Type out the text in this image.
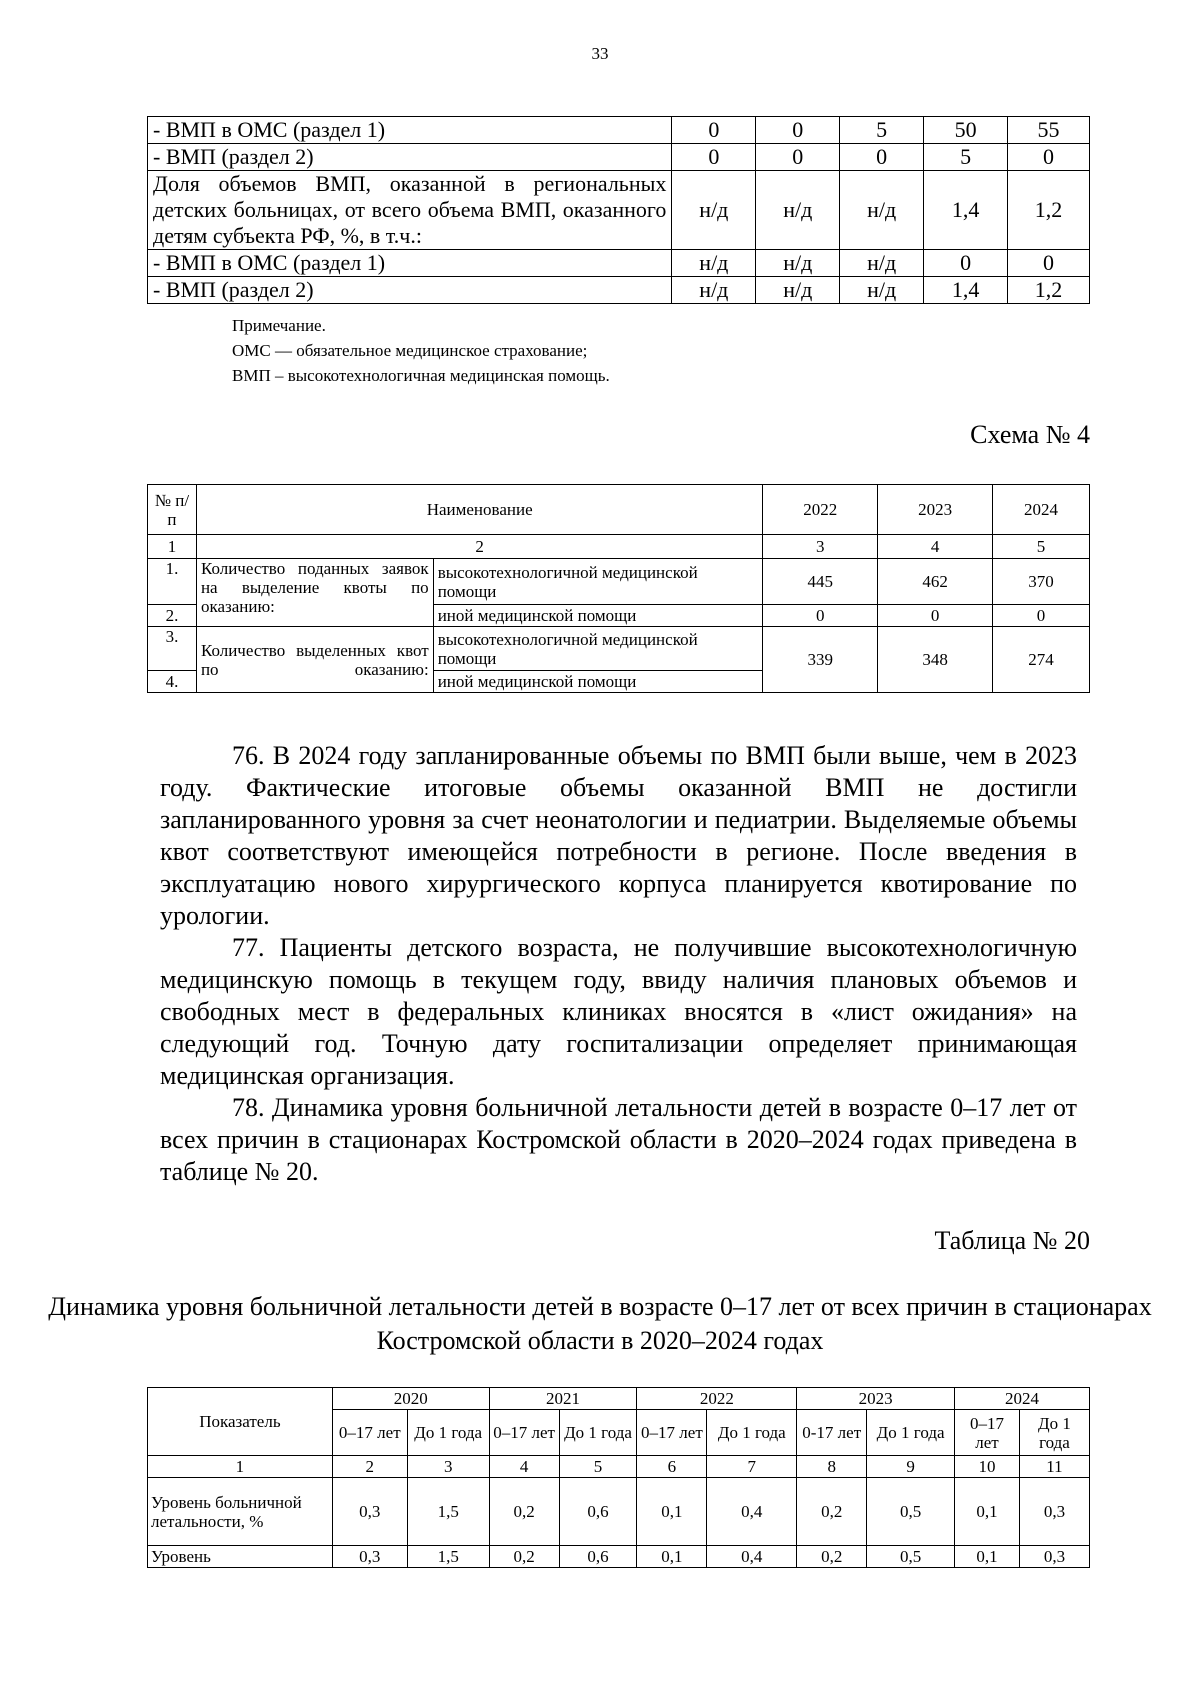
33
- ВМП в ОМС (раздел 1)	0	0	5	50	55
- ВМП (раздел 2)	0	0	0	5	0
Доля объемов ВМП, оказанной в региональных детских больницах, от всего объема ВМП, оказанного детям субъекта РФ, %, в т.ч.:	н/д	н/д	н/д	1,4	1,2
- ВМП в ОМС (раздел 1)	н/д	н/д	н/д	0	0
- ВМП (раздел 2)	н/д	н/д	н/д	1,4	1,2
Примечание.
ОМС — обязательное медицинское страхование;
ВМП – высокотехнологичная медицинская помощь.
Схема № 4
№ п/п	Наименование		2022	2023	2024
1	2		3	4	5
1.	Количество поданных заявок на выделение квоты по оказанию:	высокотехнологичной медицинской помощи	445	462	370
2.		иной медицинской помощи	0	0	0
3.	Количество выделенных квот по оказанию:	высокотехнологичной медицинской помощи	339	348	274
4.		иной медицинской помощи			
76. В 2024 году запланированные объемы по ВМП были выше, чем в 2023 году. Фактические итоговые объемы оказанной ВМП не достигли запланированного уровня за счет неонатологии и педиатрии. Выделяемые объемы квот соответствуют имеющейся потребности в регионе. После введения в эксплуатацию нового хирургического корпуса планируется квотирование по урологии.
77. Пациенты детского возраста, не получившие высокотехнологичную медицинскую помощь в текущем году, ввиду наличия плановых объемов и свободных мест в федеральных клиниках вносятся в «лист ожидания» на следующий год. Точную дату госпитализации определяет принимающая медицинская организация.
78. Динамика уровня больничной летальности детей в возрасте 0–17 лет от всех причин в стационарах Костромской области в 2020–2024 годах приведена в таблице № 20.
Таблица № 20
Динамика уровня больничной летальности детей в возрасте 0–17 лет от всех причин в стационарах Костромской области в 2020–2024 годах
Показатель	2020		2021		2022		2023		2024	
	0–17 лет	До 1 года	0–17 лет	До 1 года	0–17 лет	До 1 года	0-17 лет	До 1 года	0–17 лет	До 1 года
1	2	3	4	5	6	7	8	9	10	11
Уровень больничной летальности, %	0,3	1,5	0,2	0,6	0,1	0,4	0,2	0,5	0,1	0,3
Уровень	0,3	1,5	0,2	0,6	0,1	0,4	0,2	0,5	0,1	0,3
